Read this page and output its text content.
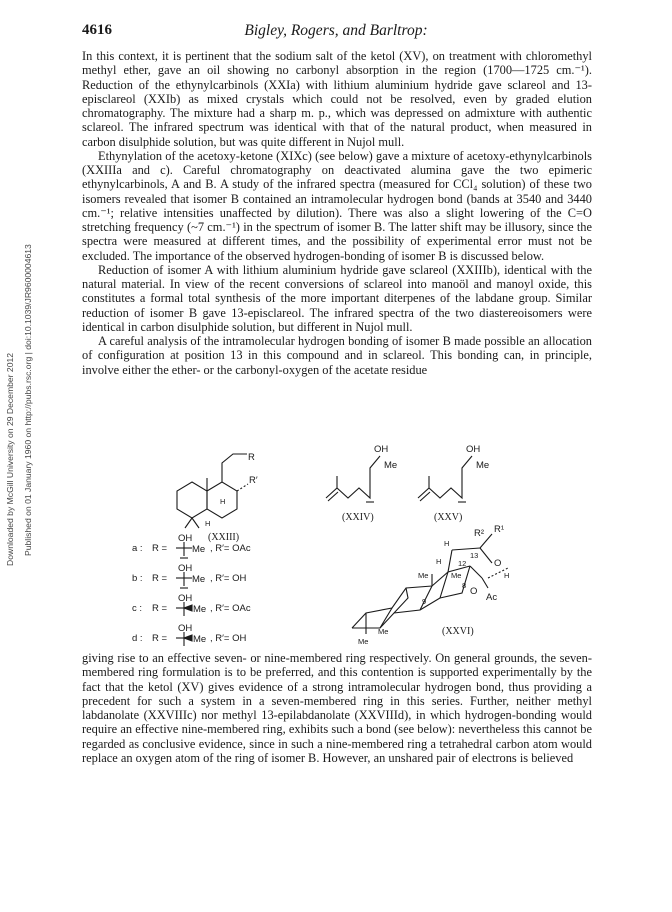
4616	Bigley, Rogers, and Barltrop:
Downloaded by McGill University on 29 December 2012 Published on 01 January 1960 on http://pubs.rsc.org | doi:10.1039/JR9600004613

In this context, it is pertinent that the sodium salt of the ketol (XV), on treatment with chloromethyl methyl ether, gave an oil showing no carbonyl absorption in the region (1700—1725 cm.⁻¹). Reduction of the ethynylcarbinols (XXIa) with lithium aluminium hydride gave sclareol and 13-episclareol (XXIb) as mixed crystals which could not be resolved, even by graded elution chromatography. The mixture had a sharp m. p., which was depressed on admixture with authentic sclareol. The infrared spectrum was identical with that of the natural product, when measured in carbon disulphide solution, but was quite different in Nujol mull.

Ethynylation of the acetoxy-ketone (XIXc) (see below) gave a mixture of acetoxy-ethynylcarbinols (XXIIIa and c). Careful chromatography on deactivated alumina gave the two epimeric ethynylcarbinols, A and B. A study of the infrared spectra (measured for CCl₄ solution) of these two isomers revealed that isomer B contained an intramolecular hydrogen bond (bands at 3540 and 3440 cm.⁻¹; relative intensities unaffected by dilution). There was also a slight lowering of the C=O stretching frequency (~7 cm.⁻¹) in the spectrum of isomer B. The latter shift may be illusory, since the spectra were measured at different times, and the possibility of experimental error must not be excluded. The importance of the observed hydrogen-bonding of isomer B is discussed below.

Reduction of isomer A with lithium aluminium hydride gave sclareol (XXIIIb), identical with the natural material. In view of the recent conversions of sclareol into manoöl and manoyl oxide, this constitutes a formal total synthesis of the more important diterpenes of the labdane group. Similar reduction of isomer B gave 13-episclareol. The infrared spectra of the two diastereoisomers were identical in carbon disulphide solution, but different in Nujol mull.

A careful analysis of the intramolecular hydrogen bonding of isomer B made possible an allocation of configuration at position 13 in this compound and in sclareol. This bonding can, in principle, involve either the ether- or the carbonyl-oxygen of the acetate residue

R
R′
H
H
(XXIII)
OH
a : R =	Me , R′= OAc
OH
b : R =	Me , R′= OH
OH
c : R =	Me , R′= OAc
OH
d : R =	Me , R′= OH
OH
Me
(XXIV)
OH
Me
(XXV)
H
H
R² R¹
13
12	O
H
Me
8
O
Ac
9
Me
Me
Me
(XXVI)

giving rise to an effective seven- or nine-membered ring respectively. On general grounds, the seven-membered ring formulation is to be preferred, and this contention is supported experimentally by the fact that the ketol (XV) gives evidence of a strong intramolecular hydrogen bond, thus providing a precedent for such a system in a seven-membered ring in this series. Further, neither methyl labdanolate (XXVIIIc) nor methyl 13-epilabdanolate (XXVIIId), in which hydrogen-bonding would require an effective nine-membered ring, exhibits such a bond (see below): nevertheless this cannot be regarded as conclusive evidence, since in such a nine-membered ring a tetrahedral carbon atom would replace an oxygen atom of the ring of isomer B. However, an unshared pair of electrons is believed
